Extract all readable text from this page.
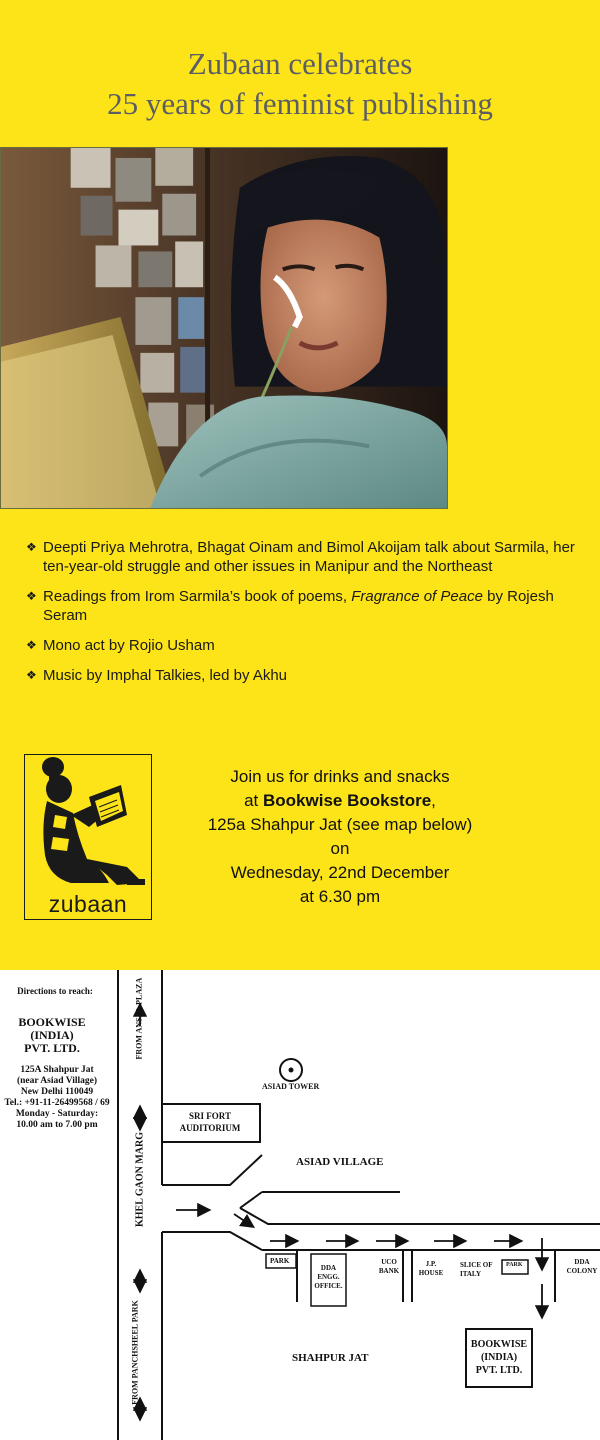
Zubaan celebrates
25 years of feminist publishing
❖ Deepti Priya Mehrotra, Bhagat Oinam and Bimol Akoijam talk about Sarmila, her ten-year-old struggle and other issues in Manipur and the Northeast
❖ Readings from Irom Sarmila’s book of poems, Fragrance of Peace by Rojesh Seram
❖ Mono act by Rojio Usham
❖ Music by Imphal Talkies, led by Akhu
zubaan
Join us for drinks and snacks
at Bookwise Bookstore,
125a Shahpur Jat (see map below)
on
Wednesday, 22nd December
at 6.30 pm
Directions to reach:
BOOKWISE
(INDIA)
PVT. LTD.
125A Shahpur Jat
(near Asiad Village)
New Delhi 110049
Tel.: +91-11-26499568 / 69
Monday - Saturday:
10.00 am to 7.00 pm
FROM ANSAL PLAZA
KHEL GAON MARG
FROM PANCHSHEEL PARK
ASIAD TOWER
SRI FORT
AUDITORIUM
ASIAD VILLAGE
PARK
DDA
ENGG.
OFFICE.
UCO
BANK
J.P.
HOUSE
SLICE OF
ITALY
PARK	DDA
COLONY
SHAHPUR JAT
BOOKWISE
(INDIA)
PVT. LTD.
